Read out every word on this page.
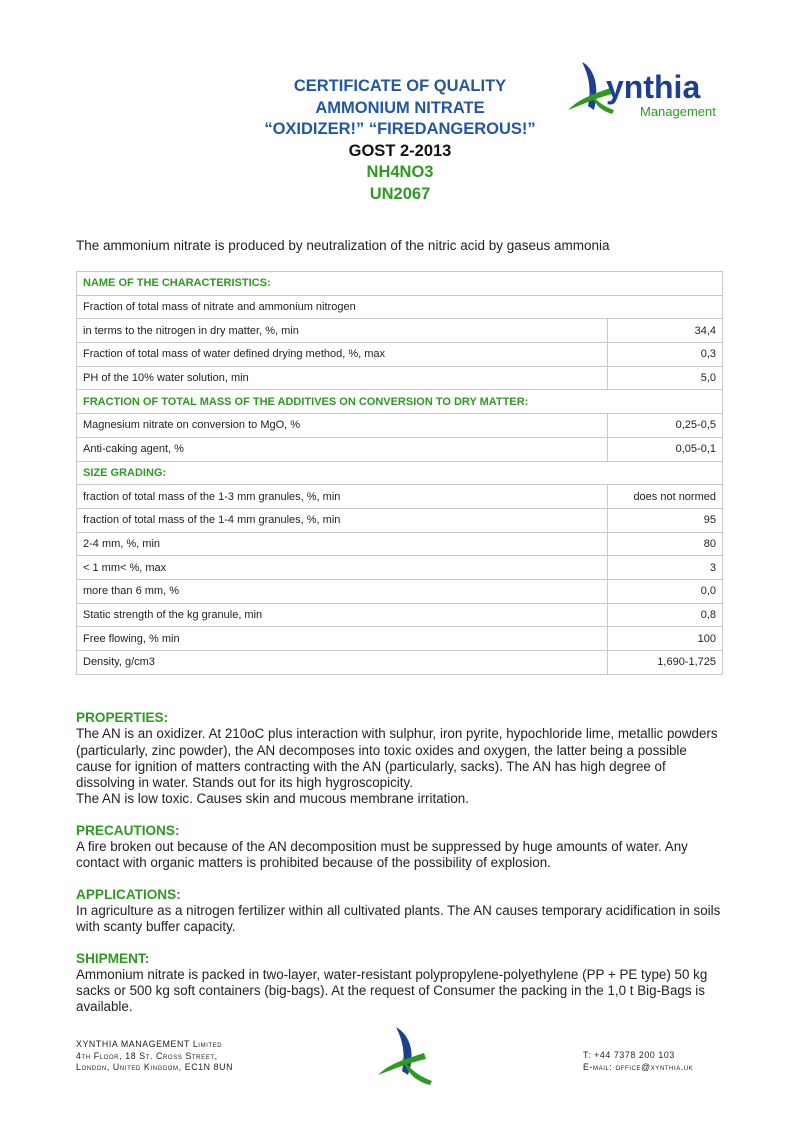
CERTIFICATE OF QUALITY
AMMONIUM NITRATE
“OXIDIZER!” “FIREDANGEROUS!”
GOST 2-2013
NH4NO3
UN2067
ynthia
Management
The ammonium nitrate is produced by neutralization of the nitric acid by gaseus ammonia
NAME OF THE CHARACTERISTICS:	
Fraction of total mass of nitrate and ammonium nitrogen	
in terms to the nitrogen in dry matter, %, min	34,4
Fraction of total mass of water defined drying method, %, max	0,3
PH of the 10% water solution, min	5,0
FRACTION OF TOTAL MASS OF THE ADDITIVES ON CONVERSION TO DRY MATTER:	
Magnesium nitrate on conversion to MgO, %	0,25-0,5
Anti-caking agent, %	0,05-0,1
SIZE GRADING:	
fraction of total mass of the 1-3 mm granules, %, min	does not normed
fraction of total mass of the 1-4 mm granules, %, min	95
2-4 mm, %, min	80
< 1 mm< %, max	3
more than 6 mm, %	0,0
Static strength of the kg granule, min	0,8
Free flowing, % min	100
Density, g/cm3	1,690-1,725
PROPERTIES:

The AN is an oxidizer. At 210oC plus interaction with sulphur, iron pyrite, hypochloride lime, metallic powders (particularly, zinc powder), the AN decomposes into toxic oxides and oxygen, the latter being a possible cause for ignition of matters contracting with the AN (particularly, sacks). The AN has high degree of dissolving in water. Stands out for its high hygroscopicity.

The AN is low toxic. Causes skin and mucous membrane irritation.

PRECAUTIONS:

A fire broken out because of the AN decomposition must be suppressed by huge amounts of water. Any contact with organic matters is prohibited because of the possibility of explosion.

APPLICATIONS:

In agriculture as a nitrogen fertilizer within all cultivated plants. The AN causes temporary acidification in soils with scanty buffer capacity.

SHIPMENT:

Ammonium nitrate is packed in two-layer, water-resistant polypropylene-polyethylene (PP + PE type) 50 kg sacks or 500 kg soft containers (big-bags). At the request of Consumer the packing in the 1,0 t Big-Bags is available.

XYNTHIA MANAGEMENT Limited
4th Floor, 18 St. Cross Street,
London, United Kingdom, EC1N 8UN
T: +44 7378 200 103
E-mail: office@xynthia.uk
